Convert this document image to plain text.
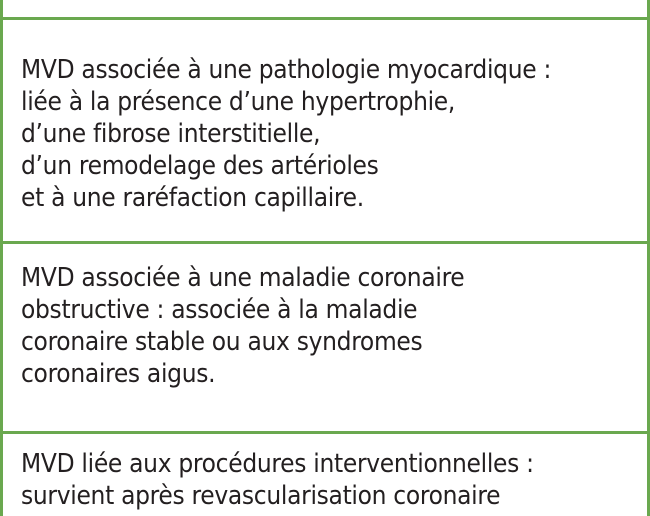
MVD associée à une pathologie myocardique :
liée à la présence d’une hypertrophie,
d’une fibrose interstitielle,
d’un remodelage des artérioles
et à une raréfaction capillaire.
MVD associée à une maladie coronaire
obstructive : associée à la maladie
coronaire stable ou aux syndromes
coronaires aigus.
MVD liée aux procédures interventionnelles :
survient après revascularisation coronaire
